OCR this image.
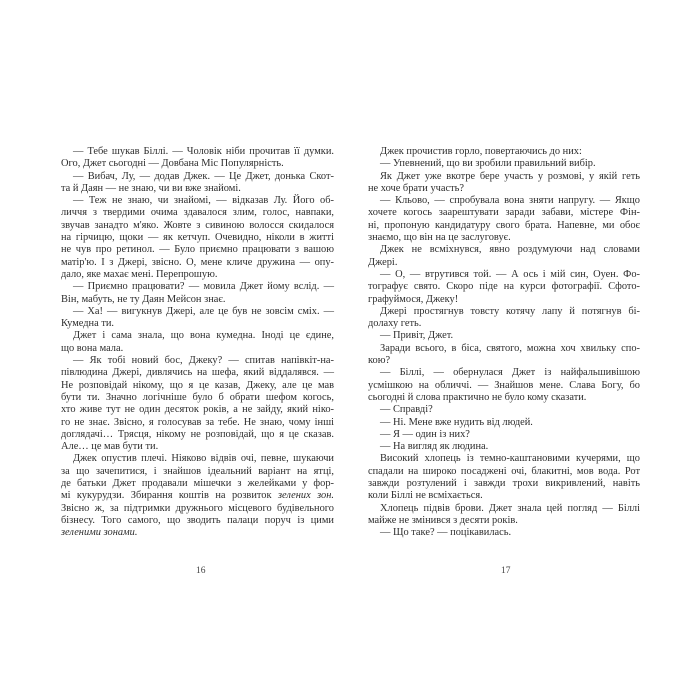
— Тебе шукав Біллі. — Чоловік ніби прочитав її думки.
Ого, Джет сьогодні — Довбана Міс Популярність.
— Вибач, Лу, — додав Джек. — Це Джет, донька Скот-
та й Даян — не знаю, чи ви вже знайомі.
— Теж не знаю, чи знайомі, — відказав Лу. Його об-
личчя з твердими очима здавалося злим, голос, навпаки,
звучав занадто м'яко. Жовте з сивиною волосся скидалося
на гірчицю, щоки — як кетчуп. Очевидно, ніколи в житті
не чув про ретинол. — Було приємно працювати з вашою
матір'ю. І з Джері, звісно. О, мене кличе дружина — опу-
дало, яке махає мені. Перепрошую.
— Приємно працювати? — мовила Джет йому вслід. —
Він, мабуть, не ту Даян Мейсон знає.
— Ха! — вигукнув Джері, але це був не зовсім сміх. —
Кумедна ти.
Джет і сама знала, що вона кумедна. Іноді це єдине,
що вона мала.
— Як тобі новий бос, Джеку? — спитав напівкіт-на-
півлюдина Джері, дивлячись на шефа, який віддалявся. —
Не розповідай нікому, що я це казав, Джеку, але це мав
бути ти. Значно логічніше було б обрати шефом когось,
хто живе тут не один десяток років, а не зайду, який ніко-
го не знає. Звісно, я голосував за тебе. Не знаю, чому інші
доглядачі… Трясця, нікому не розповідай, що я це сказав.
Але… це мав бути ти.
Джек опустив плечі. Ніяково відвів очі, певне, шукаючи
за що зачепитися, і знайшов ідеальний варіант на ятці,
де батьки Джет продавали мішечки з желейками у фор-
мі кукурудзи. Збирання коштів на розвиток зелених зон.
Звісно ж, за підтримки дружнього місцевого будівельного
бізнесу. Того самого, що зводить палаци поруч із цими
зеленими зонами.
Джек прочистив горло, повертаючись до них:
— Упевнений, що ви зробили правильний вибір.
Як Джет уже вкотре бере участь у розмові, у якій геть
не хоче брати участь?
— Кльово, — спробувала вона зняти напругу. — Якщо
хочете когось заарештувати заради забави, містере Фін-
ні, пропоную кандидатуру свого брата. Напевне, ми обоє
знаємо, що він на це заслуговує.
Джек не всміхнувся, явно роздумуючи над словами
Джері.
— О, — втрутився той. — А ось і мій син, Оуен. Фо-
тографує свято. Скоро піде на курси фотографії. Сфото-
графуймося, Джеку!
Джері простягнув товсту котячу лапу й потягнув бі-
долаху геть.
— Привіт, Джет.
Заради всього, в біса, святого, можна хоч хвильку спо-
кою?
— Біллі, — обернулася Джет із найфальшивішою
усмішкою на обличчі. — Знайшов мене. Слава Богу, бо
сьогодні й слова практично не було кому сказати.
— Справді?
— Ні. Мене вже нудить від людей.
— Я — один із них?
— На вигляд як людина.
Високий хлопець із темно-каштановими кучерями, що
спадали на широко посаджені очі, блакитні, мов вода. Рот
завжди розтулений і завжди трохи викривлений, навіть
коли Біллі не всміхається.
Хлопець підвів брови. Джет знала цей погляд — Біллі
майже не змінився з десяти років.
— Що таке? — поцікавилась.
16	17
